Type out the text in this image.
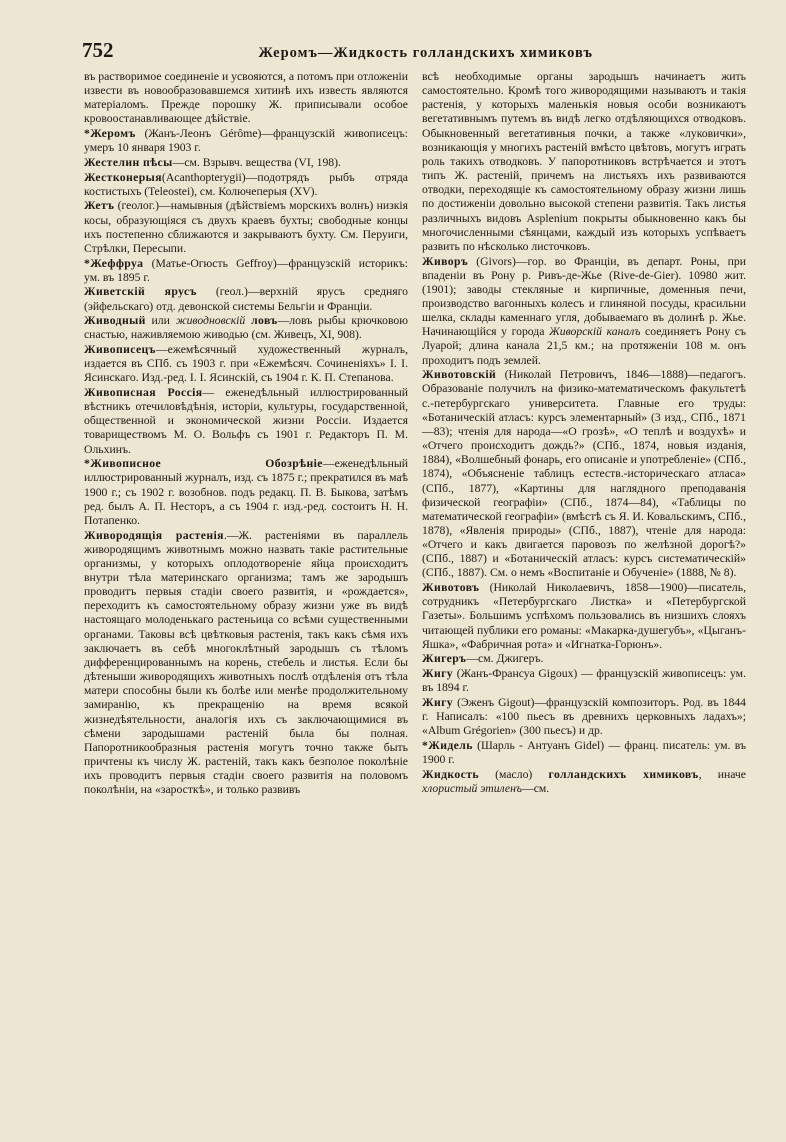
752	Жеромъ—Жидкость голландскихъ химиковъ

въ растворимое соединеніе и усвояются, а потомъ при отложеніи извести въ новообразовавшемся хитинѣ ихъ известь являются матеріаломъ. Прежде порошку Ж. приписывали особое кровоостанавливающее дѣйствіе.

*Жеромъ (Жанъ-Леонъ Gérôme)—французскій живописецъ: умеръ 10 января 1903 г.

Жестелин пѣсы—см. Взрывч. вещества (VI, 198).

Жестконерыя(Acanthopterygii)—подотрядъ рыбъ отряда костистыхъ (Teleostei), см. Колючеперыя (XV).

Жетъ (геолог.)—намывныя (дѣйствіемъ морскихъ волнъ) низкія косы, образующіяся съ двухъ краевъ бухты; свободные концы ихъ постепенно сближаются и закрываютъ бухту. См. Перуиги, Стрѣлки, Пересыпи.

*Жеффруа (Матье-Огюсть Geffroy)—французскій историкъ: ум. въ 1895 г.

Живетскій ярусъ (геол.)—верхній ярусъ средняго (эйфельскаго) отд. девонской системы Бельгіи и Франціи.

Живодный или живодновскій ловъ—ловъ рыбы крючковою снастью, наживляемою живодью (см. Живецъ, XI, 908).

Живописецъ—ежемѣсячный художественный журналъ, издается въ СПб. съ 1903 г. при «Ежемѣсяч. Сочиненіяхъ» І. І. Ясинскаго. Изд.-ред. І. І. Ясинскій, съ 1904 г. К. П. Степанова.

Живописная Россія— еженедѣльный иллюстрированный вѣстникъ отечиловѣдѣнія, исторіи, культуры, государственной, общественной и экономической жизни Россіи. Издается товариществомъ М. О. Вольфъ съ 1901 г. Редакторъ П. М. Ольхинъ.

*Живописное Обозрѣніе—еженедѣльный иллюстрированный журналъ, изд. съ 1875 г.; прекратился въ маѣ 1900 г.; съ 1902 г. возобнов. подъ редакц. П. В. Быкова, затѣмъ ред. былъ А. П. Несторъ, а съ 1904 г. изд.-ред. состоитъ Н. Н. Потапенко.

Живородящія растенія.—Ж. растеніями въ параллель живородящимъ животнымъ можно назвать такіе растительные организмы, у которыхъ оплодотвореніе яйца происходитъ внутри тѣла материнскаго организма; тамъ же зародышъ проводитъ первыя стадіи своего развитія, и «рождается», переходитъ къ самостоятельному образу жизни уже въ видѣ настоящаго молоденькаго растеньица со всѣми существенными органами. Таковы всѣ цвѣтковыя растенія, такъ какъ сѣмя ихъ заключаетъ въ себѣ многоклѣтный зародышъ съ тѣломъ дифференцированнымъ на корень, стебель и листья. Если бы дѣтеныши живородящихъ животныхъ послѣ отдѣленія отъ тѣла матери способны были къ болѣе или менѣе продолжительному замиранію, къ прекращенію на время всякой жизнедѣятельности, аналогія ихъ съ заключающимися въ сѣмени зародышами растеній была бы полная. Папоротникообразныя растенія могутъ точно также быть причтены къ числу Ж. растеній, такъ какъ безполое поколѣніе ихъ проводитъ первыя стадіи своего развитія на половомъ поколѣніи, на «заросткѣ», и только развивъ

всѣ необходимые органы зародышъ начинаетъ жить самостоятельно. Кромѣ того живородящими называютъ и такія растенія, у которыхъ маленькія новыя особи возникаютъ вегетативнымъ путемъ въ видѣ легко отдѣляющихся отводковъ. Обыкновенный вегетативныя почки, а также «луковички», возникающія у многихъ растеній вмѣсто цвѣтовъ, могутъ играть роль такихъ отводковъ. У папоротниковъ встрѣчается и этотъ типъ Ж. растеній, причемъ на листьяхъ ихъ развиваются отводки, переходящіе къ самостоятельному образу жизни лишь по достиженіи довольно высокой степени развитія. Такъ листья различныхъ видовъ Asplenium покрыты обыкновенно какъ бы многочисленными сѣянцами, каждый изъ которыхъ успѣваетъ развить по нѣсколько листочковъ.

Живоръ (Givors)—гор. во Франціи, въ департ. Роны, при впаденіи въ Рону р. Ривъ-де-Жье (Rive-de-Gier). 10980 жит. (1901); заводы стекляные и кирпичные, доменныя печи, производство вагонныхъ колесъ и глиняной посуды, красильни шелка, склады каменнаго угля, добываемаго въ долинѣ р. Жье. Начинающійся у города Живорскій каналъ соединяетъ Рону съ Луарой; длина канала 21,5 км.; на протяженіи 108 м. онъ проходитъ подъ землей.

Животовскій (Николай Петровичъ, 1846—1888)—педагогъ. Образованіе получилъ на физико-математическомъ факультетѣ с.-петербургскаго университета. Главные его труды: «Ботаническій атласъ: курсъ элементарный» (3 изд., СПб., 1871—83); чтенія для народа—«О грозѣ», «О теплѣ и воздухѣ» и «Отчего происходитъ дождь?» (СПб., 1874, новыя изданія, 1884), «Волшебный фонарь, его описаніе и употребленіе» (СПб., 1874), «Объясненіе таблицъ естеств.-историческаго атласа» (СПб., 1877), «Картины для наглядного преподаванія физической географіи» (СПб., 1874—84), «Таблицы по математической географіи» (вмѣстѣ съ Я. И. Ковальскимъ, СПб., 1878), «Явленія природы» (СПб., 1887), чтеніе для народа: «Отчего и какъ двигается паровозъ по желѣзной дорогѣ?» (СПб., 1887) и «Ботаническій атласъ: курсъ систематическій» (СПб., 1887). См. о немъ «Воспитаніе и Обученіе» (1888, № 8).

Животовъ (Николай Николаевичъ, 1858—1900)—писатель, сотрудникъ «Петербургскаго Листка» и «Петербургской Газеты». Большимъ успѣхомъ пользовались въ низшихъ слояхъ читающей публики его романы: «Макарка-душегубъ», «Цыганъ-Яшка», «Фабричная рота» и «Игнатка-Горюнъ».

Жигеръ—см. Джигеръ.

Жигу (Жанъ-Франсуа Gigoux) — французскій живописецъ: ум. въ 1894 г.

Жигу (Эженъ Gigout)—французскій композиторъ. Род. въ 1844 г. Написалъ: «100 пьесъ въ древнихъ церковныхъ ладахъ»; «Album Grégorien» (300 пьесъ) и др.

*Жидель (Шарль - Антуанъ Gidel) — франц. писатель: ум. въ 1900 г.

Жидкость (масло) голландскихъ химиковъ, иначе хлористый этиленъ—см.
